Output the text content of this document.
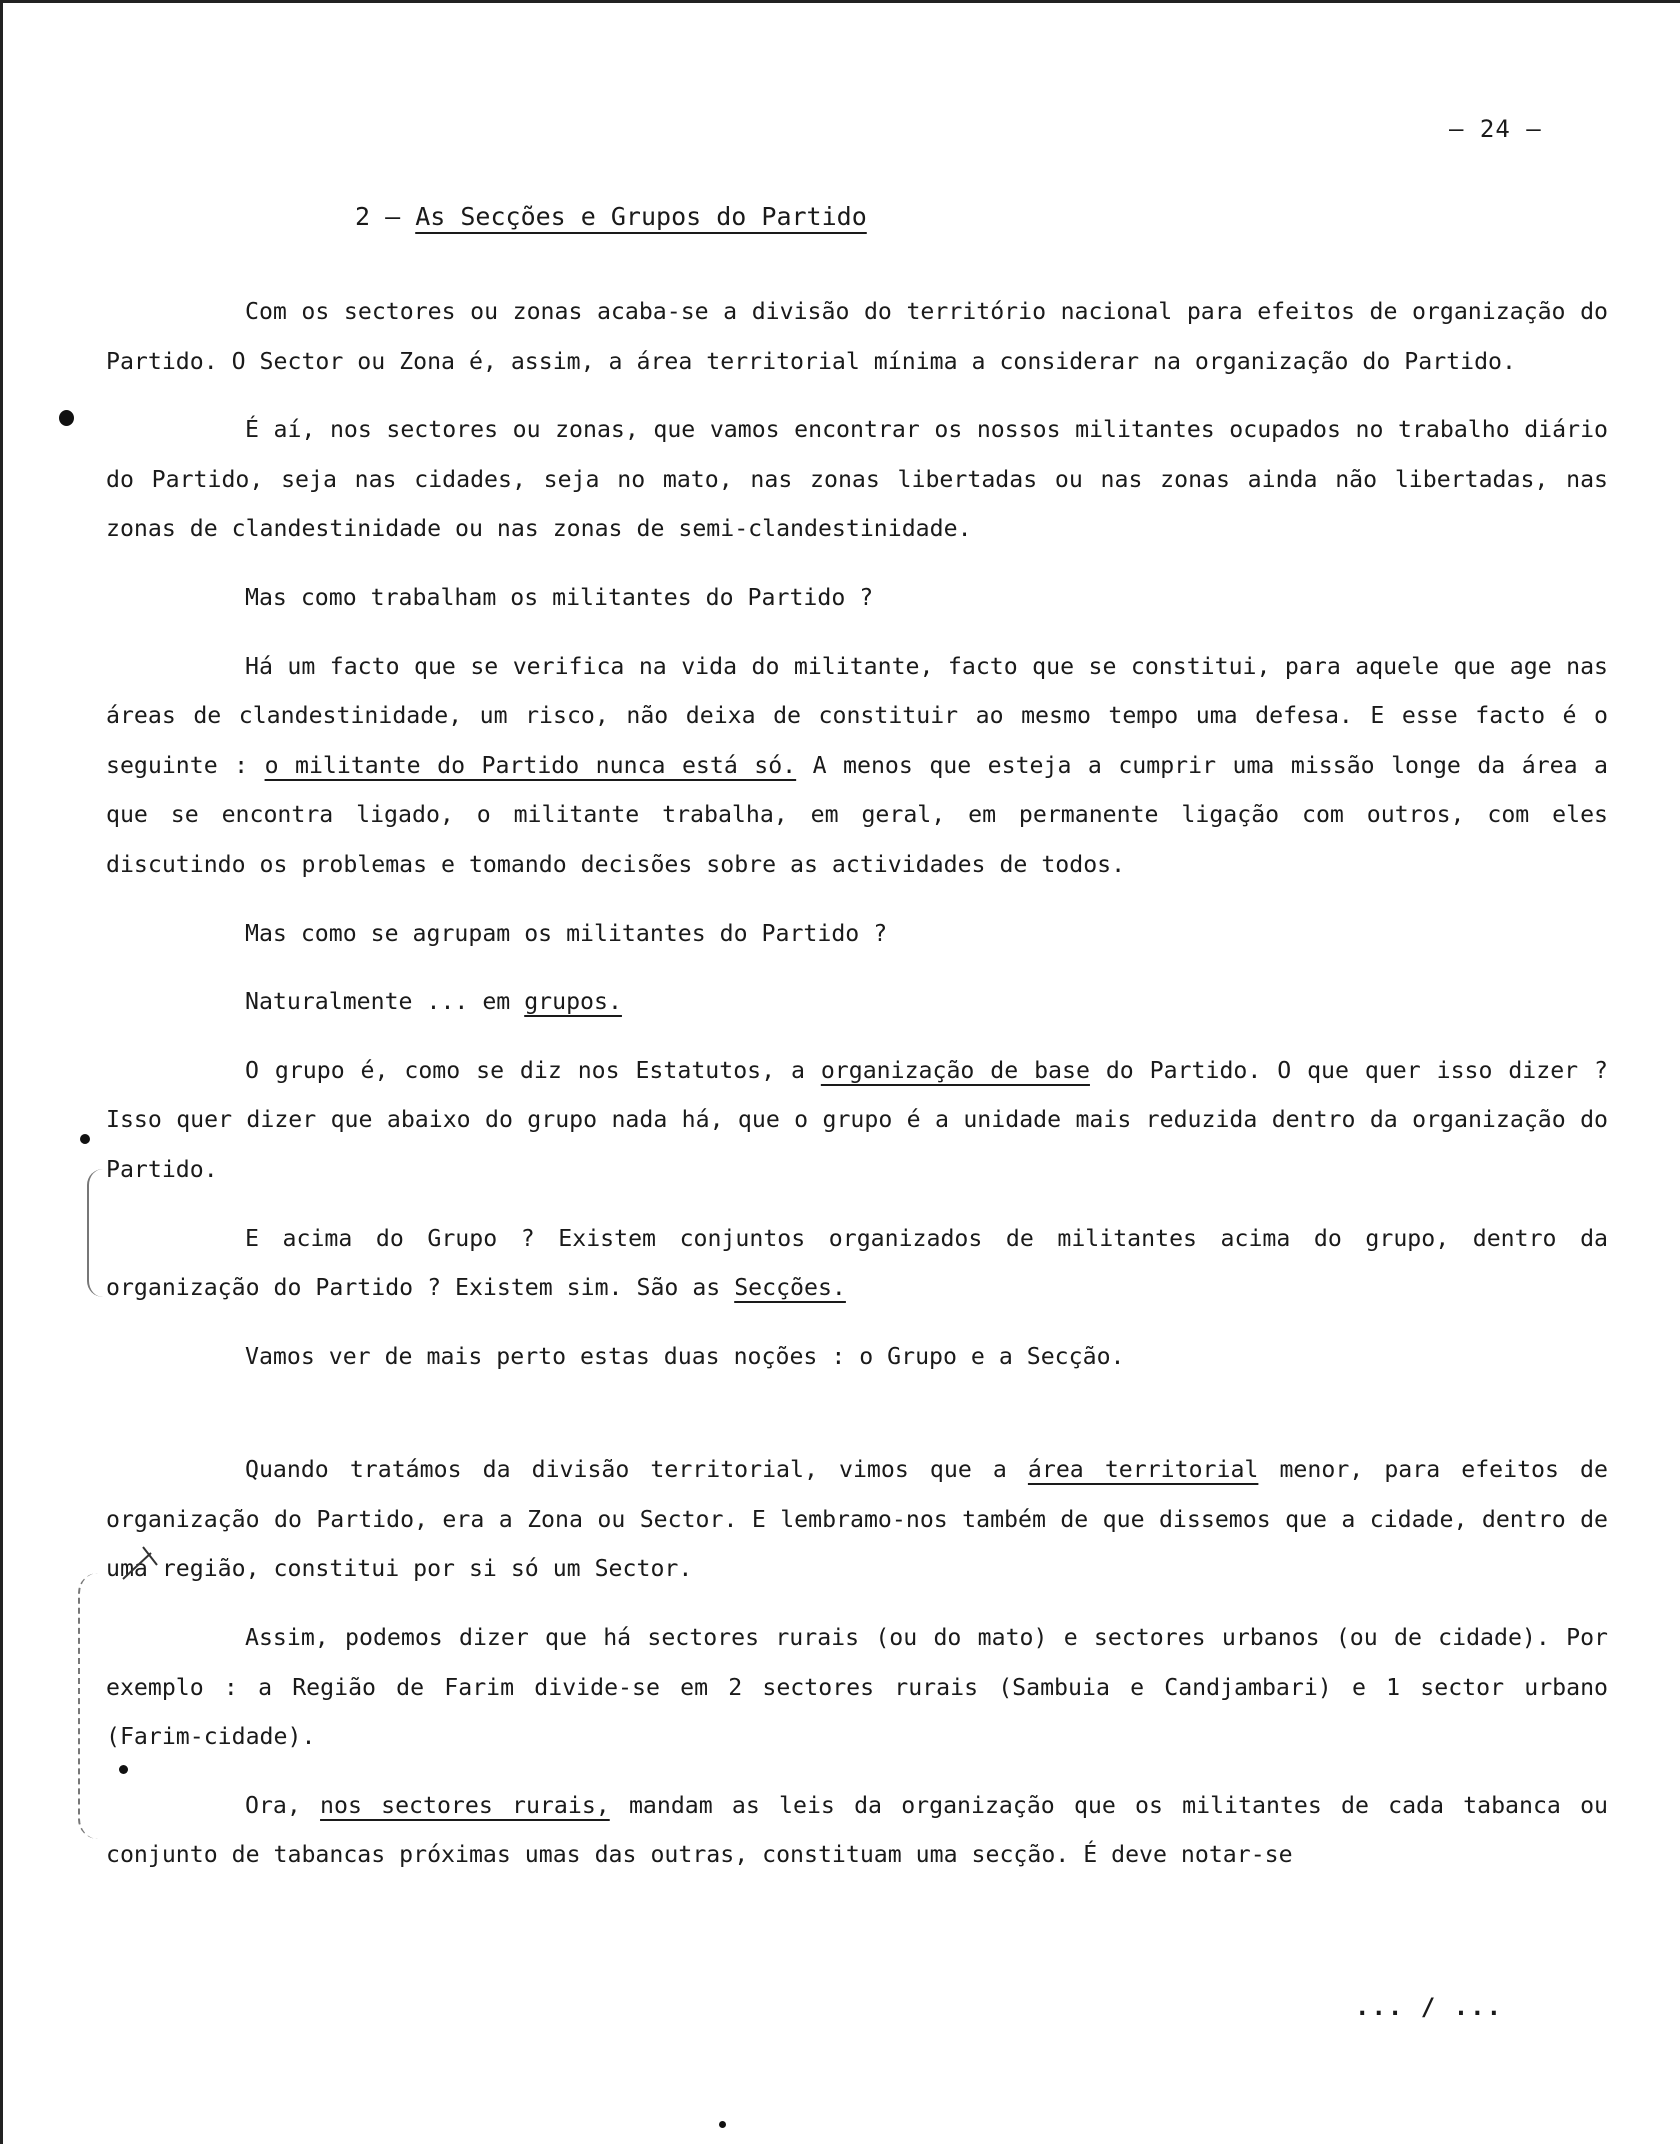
– 24 –
2 – As Secções e Grupos do Partido

Com os sectores ou zonas acaba-se a divisão do território nacional para efeitos de organização do Partido. O Sector ou Zona é, assim, a área territorial mínima a considerar na organização do Partido.

É aí, nos sectores ou zonas, que vamos encontrar os nossos militantes ocupados no trabalho diário do Partido, seja nas cidades, seja no mato, nas zonas libertadas ou nas zonas ainda não libertadas, nas zonas de clandestinidade ou nas zonas de semi-clandestinidade.

Mas como trabalham os militantes do Partido ?

Há um facto que se verifica na vida do militante, facto que se constitui, para aquele que age nas áreas de clandestinidade, um risco, não deixa de constituir ao mesmo tempo uma defesa. E esse facto é o seguinte : o militante do Partido nunca está só. A menos que esteja a cumprir uma missão longe da área a que se encontra ligado, o militante trabalha, em geral, em permanente ligação com outros, com eles discutindo os problemas e tomando decisões sobre as actividades de todos.

Mas como se agrupam os militantes do Partido ?

Naturalmente ... em grupos.

O grupo é, como se diz nos Estatutos, a organização de base do Partido. O que quer isso dizer ? Isso quer dizer que abaixo do grupo nada há, que o grupo é a unidade mais reduzida dentro da organização do Partido.

E acima do Grupo ? Existem conjuntos organizados de militantes acima do grupo, dentro da organização do Partido ? Existem sim. São as Secções.

Vamos ver de mais perto estas duas noções : o Grupo e a Secção.

Quando tratámos da divisão territorial, vimos que a área territorial menor, para efeitos de organização do Partido, era a Zona ou Sector. E lembramo-nos também de que dissemos que a cidade, dentro de uma região, constitui por si só um Sector.

Assim, podemos dizer que há sectores rurais (ou do mato) e sectores urbanos (ou de cidade). Por exemplo : a Região de Farim divide-se em 2 sectores rurais (Sambuia e Candjambari) e 1 sector urbano (Farim-cidade).

Ora, nos sectores rurais, mandam as leis da organização que os militantes de cada tabanca ou conjunto de tabancas próximas umas das outras, constituam uma secção. É deve notar-se

... / ...
